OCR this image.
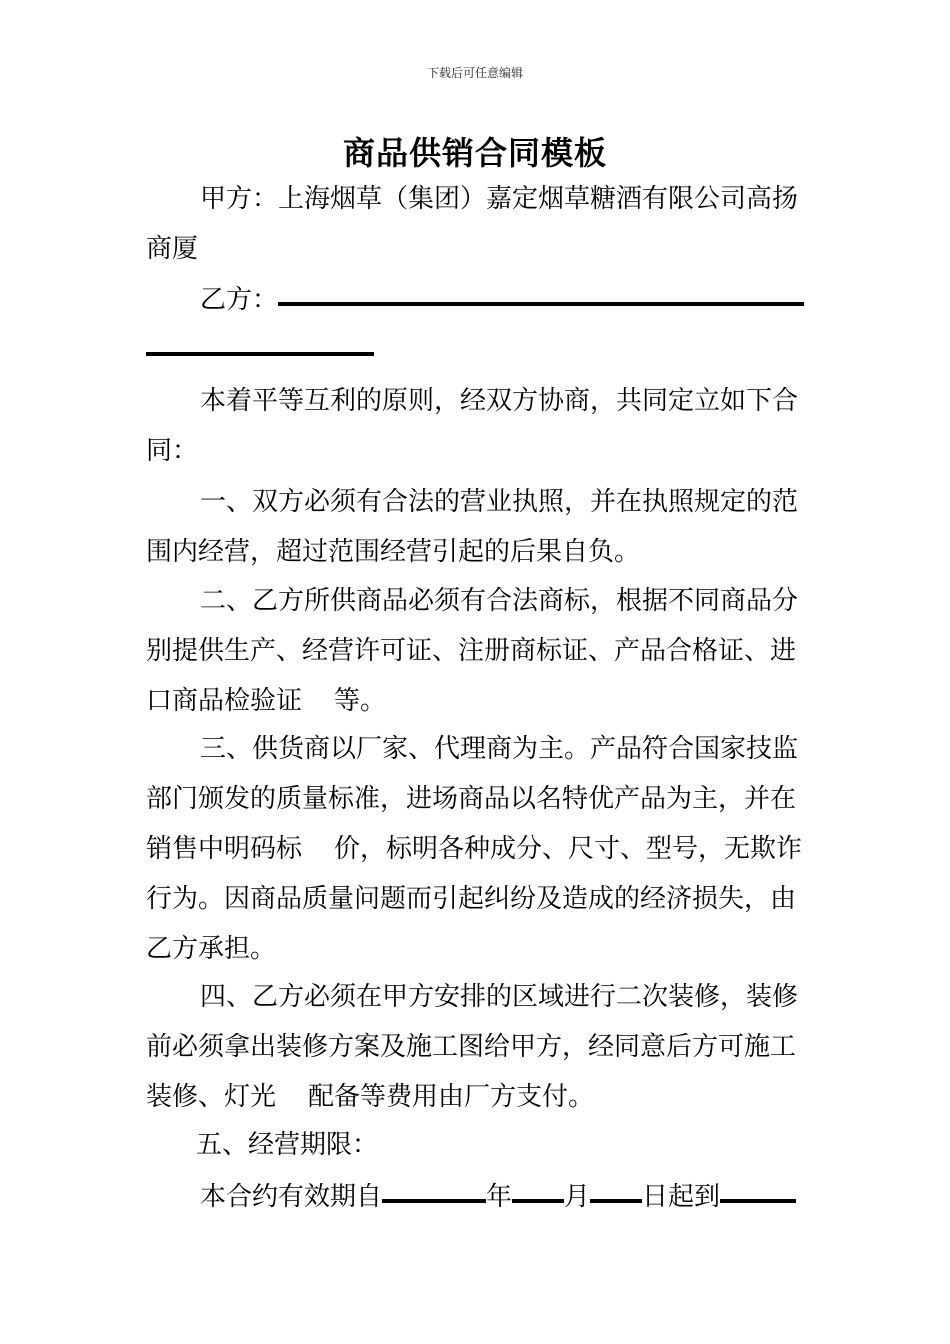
下载后可任意编辑
商品供销合同模板
甲方：上海烟草（集团）嘉定烟草糖酒有限公司高扬
商厦
乙方：
本着平等互利的原则，经双方协商，共同定立如下合
同：
一、双方必须有合法的营业执照，并在执照规定的范
围内经营，超过范围经营引起的后果自负。
二、乙方所供商品必须有合法商标，根据不同商品分
别提供生产、经营许可证、注册商标证、产品合格证、进
口商品检验证 等。
三、供货商以厂家、代理商为主。产品符合国家技监
部门颁发的质量标准，进场商品以名特优产品为主，并在
销售中明码标 价，标明各种成分、尺寸、型号，无欺诈
行为。因商品质量问题而引起纠纷及造成的经济损失，由
乙方承担。
四、乙方必须在甲方安排的区域进行二次装修，装修
前必须拿出装修方案及施工图给甲方，经同意后方可施工
装修、灯光 配备等费用由厂方支付。
五、经营期限：
本合约有效期自	年 月 日起到
